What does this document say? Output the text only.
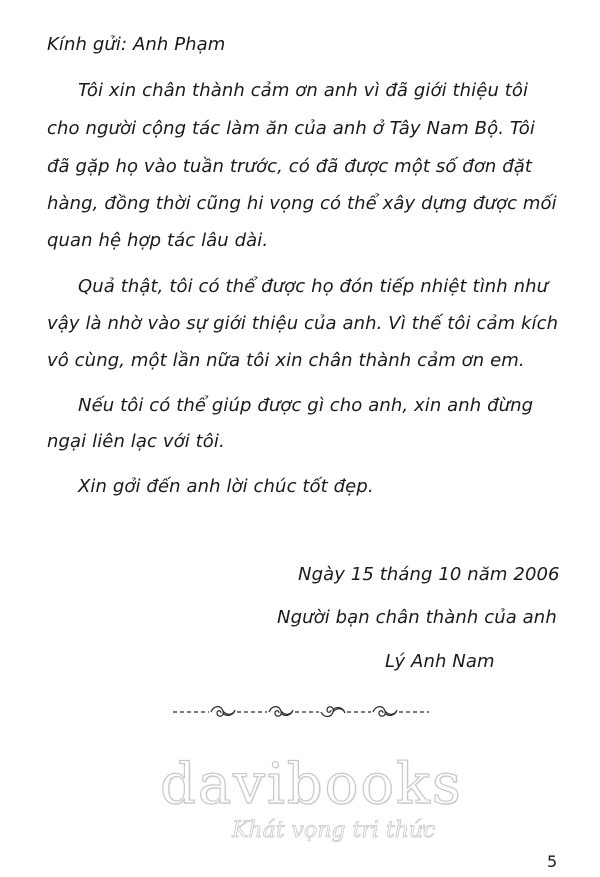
Kính gửi: Anh Phạm
Tôi xin chân thành cảm ơn anh vì đã giới thiệu tôi
cho người cộng tác làm ăn của anh ở Tây Nam Bộ. Tôi
đã gặp họ vào tuần trước, có đã được một số đơn đặt
hàng, đồng thời cũng hi vọng có thể xây dựng được mối
quan hệ hợp tác lâu dài.
Quả thật, tôi có thể được họ đón tiếp nhiệt tình như
vậy là nhờ vào sự giới thiệu của anh. Vì thế tôi cảm kích
vô cùng, một lần nữa tôi xin chân thành cảm ơn em.
Nếu tôi có thể giúp được gì cho anh, xin anh đừng
ngại liên lạc với tôi.
Xin gởi đến anh lời chúc tốt đẹp.
Ngày 15 tháng 10 năm 2006
Người bạn chân thành của anh
Lý Anh Nam
davibooks
Khát vọng tri thức
5
